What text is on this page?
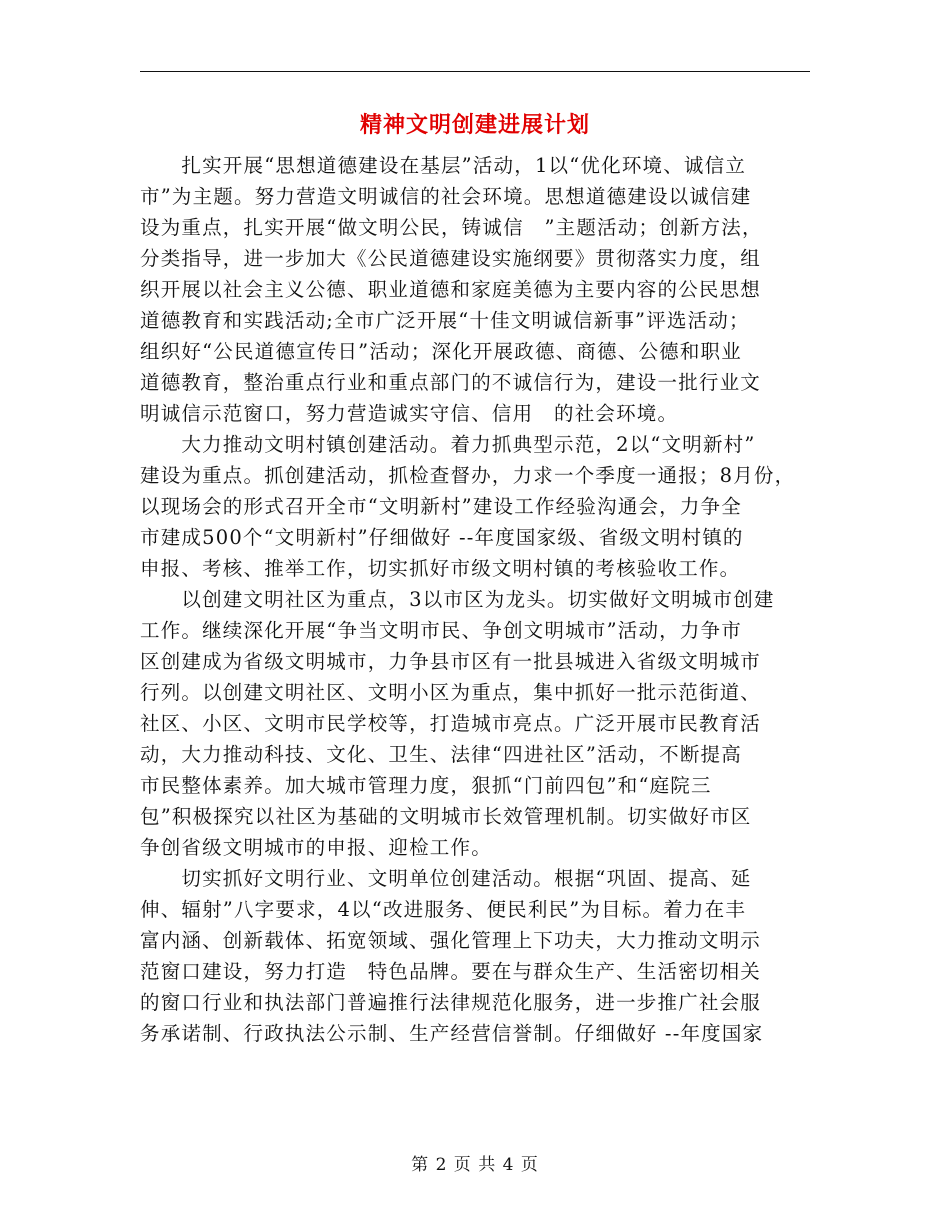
精神文明创建进展计划
　　扎实开展“思想道德建设在基层”活动，1以“优化环境、诚信立
市”为主题。努力营造文明诚信的社会环境。思想道德建设以诚信建
设为重点，扎实开展“做文明公民，铸诚信　”主题活动；创新方法，
分类指导，进一步加大《公民道德建设实施纲要》贯彻落实力度，组
织开展以社会主义公德、职业道德和家庭美德为主要内容的公民思想
道德教育和实践活动;全市广泛开展“十佳文明诚信新事”评选活动；
组织好“公民道德宣传日”活动；深化开展政德、商德、公德和职业
道德教育，整治重点行业和重点部门的不诚信行为，建设一批行业文
明诚信示范窗口，努力营造诚实守信、信用　的社会环境。
　　大力推动文明村镇创建活动。着力抓典型示范，2以“文明新村”
建设为重点。抓创建活动，抓检查督办，力求一个季度一通报；8月份，
以现场会的形式召开全市“文明新村”建设工作经验沟通会，力争全
市建成500个“文明新村”仔细做好 --年度国家级、省级文明村镇的
申报、考核、推举工作，切实抓好市级文明村镇的考核验收工作。
　　以创建文明社区为重点，3以市区为龙头。切实做好文明城市创建
工作。继续深化开展“争当文明市民、争创文明城市”活动，力争市
区创建成为省级文明城市，力争县市区有一批县城进入省级文明城市
行列。以创建文明社区、文明小区为重点，集中抓好一批示范街道、
社区、小区、文明市民学校等，打造城市亮点。广泛开展市民教育活
动，大力推动科技、文化、卫生、法律“四进社区”活动，不断提高
市民整体素养。加大城市管理力度，狠抓“门前四包”和“庭院三
包”积极探究以社区为基础的文明城市长效管理机制。切实做好市区
争创省级文明城市的申报、迎检工作。
　　切实抓好文明行业、文明单位创建活动。根据“巩固、提高、延
伸、辐射”八字要求，4以“改进服务、便民利民”为目标。着力在丰
富内涵、创新载体、拓宽领域、强化管理上下功夫，大力推动文明示
范窗口建设，努力打造　特色品牌。要在与群众生产、生活密切相关
的窗口行业和执法部门普遍推行法律规范化服务，进一步推广社会服
务承诺制、行政执法公示制、生产经营信誉制。仔细做好 --年度国家
第 2 页 共 4 页
